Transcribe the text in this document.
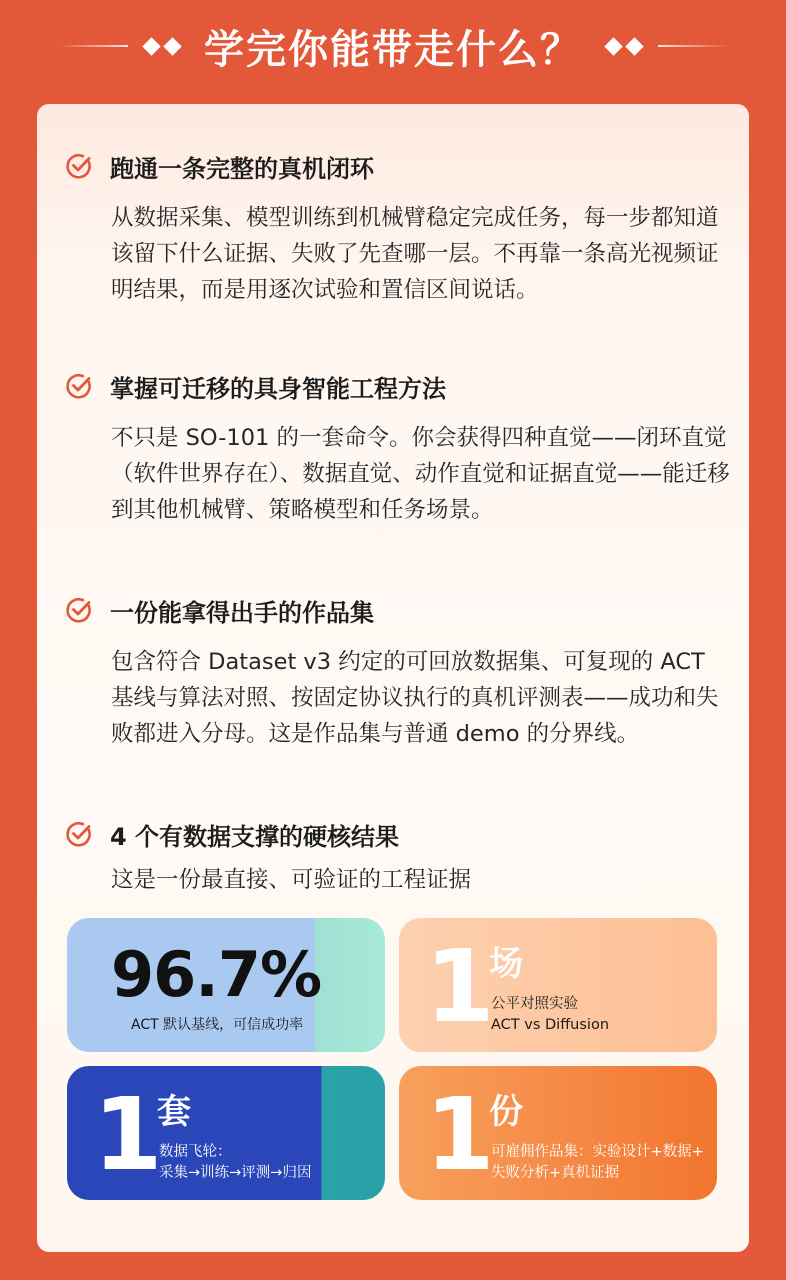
学完你能带走什么？
跑通一条完整的真机闭环
从数据采集、模型训练到机械臂稳定完成任务，每一步都知道该留下什么证据、失败了先查哪一层。不再靠一条高光视频证明结果，而是用逐次试验和置信区间说话。
掌握可迁移的具身智能工程方法
不只是 SO-101 的一套命令。你会获得四种直觉——闭环直觉（软件世界存在）、数据直觉、动作直觉和证据直觉——能迁移到其他机械臂、策略模型和任务场景。
一份能拿得出手的作品集
包含符合 Dataset v3 约定的可回放数据集、可复现的 ACT 基线与算法对照、按固定协议执行的真机评测表——成功和失败都进入分母。这是作品集与普通 demo 的分界线。
4 个有数据支撑的硬核结果
这是一份最直接、可验证的工程证据
96.7%
ACT 默认基线，可信成功率 1
场
公平对照实验
ACT vs Diffusion
1
套
数据飞轮：
采集→训练→评测→归因 1
份
可雇佣作品集：实验设计+数据+
失败分析+真机证据
